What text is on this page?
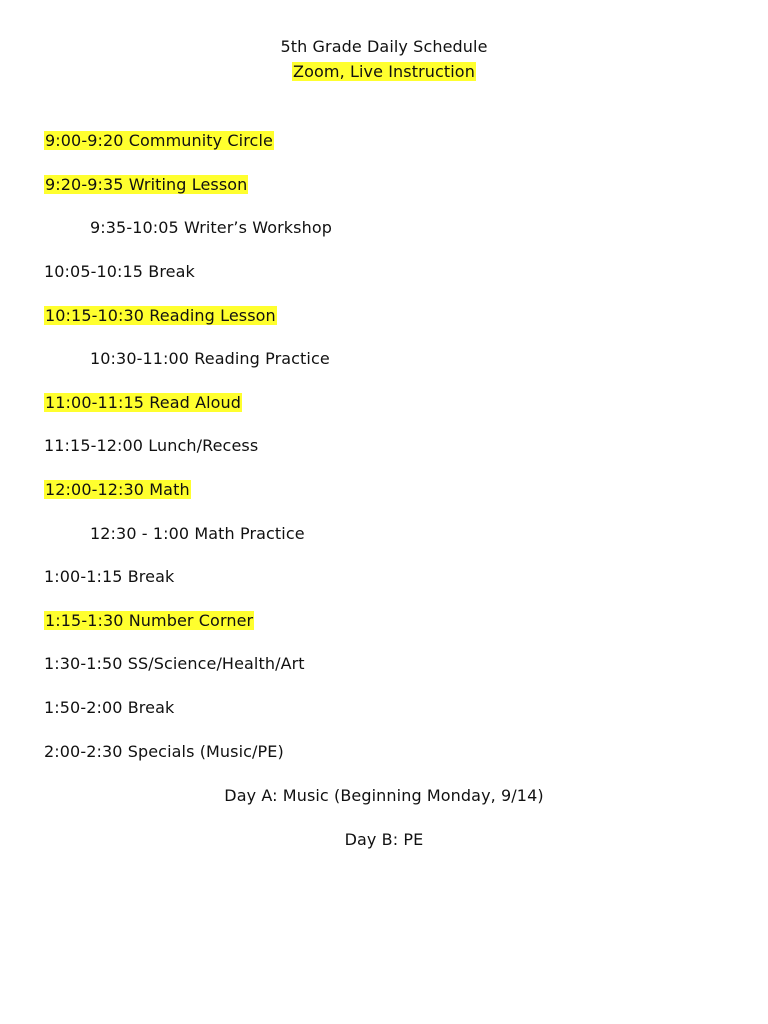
5th Grade Daily Schedule
Zoom, Live Instruction
9:00-9:20 Community Circle
9:20-9:35 Writing Lesson
9:35-10:05 Writer’s Workshop
10:05-10:15 Break
10:15-10:30 Reading Lesson
10:30-11:00 Reading Practice
11:00-11:15 Read Aloud
11:15-12:00 Lunch/Recess
12:00-12:30 Math
12:30 - 1:00 Math Practice
1:00-1:15 Break
1:15-1:30 Number Corner
1:30-1:50 SS/Science/Health/Art
1:50-2:00 Break
2:00-2:30 Specials (Music/PE)
Day A: Music (Beginning Monday, 9/14)
Day B: PE
